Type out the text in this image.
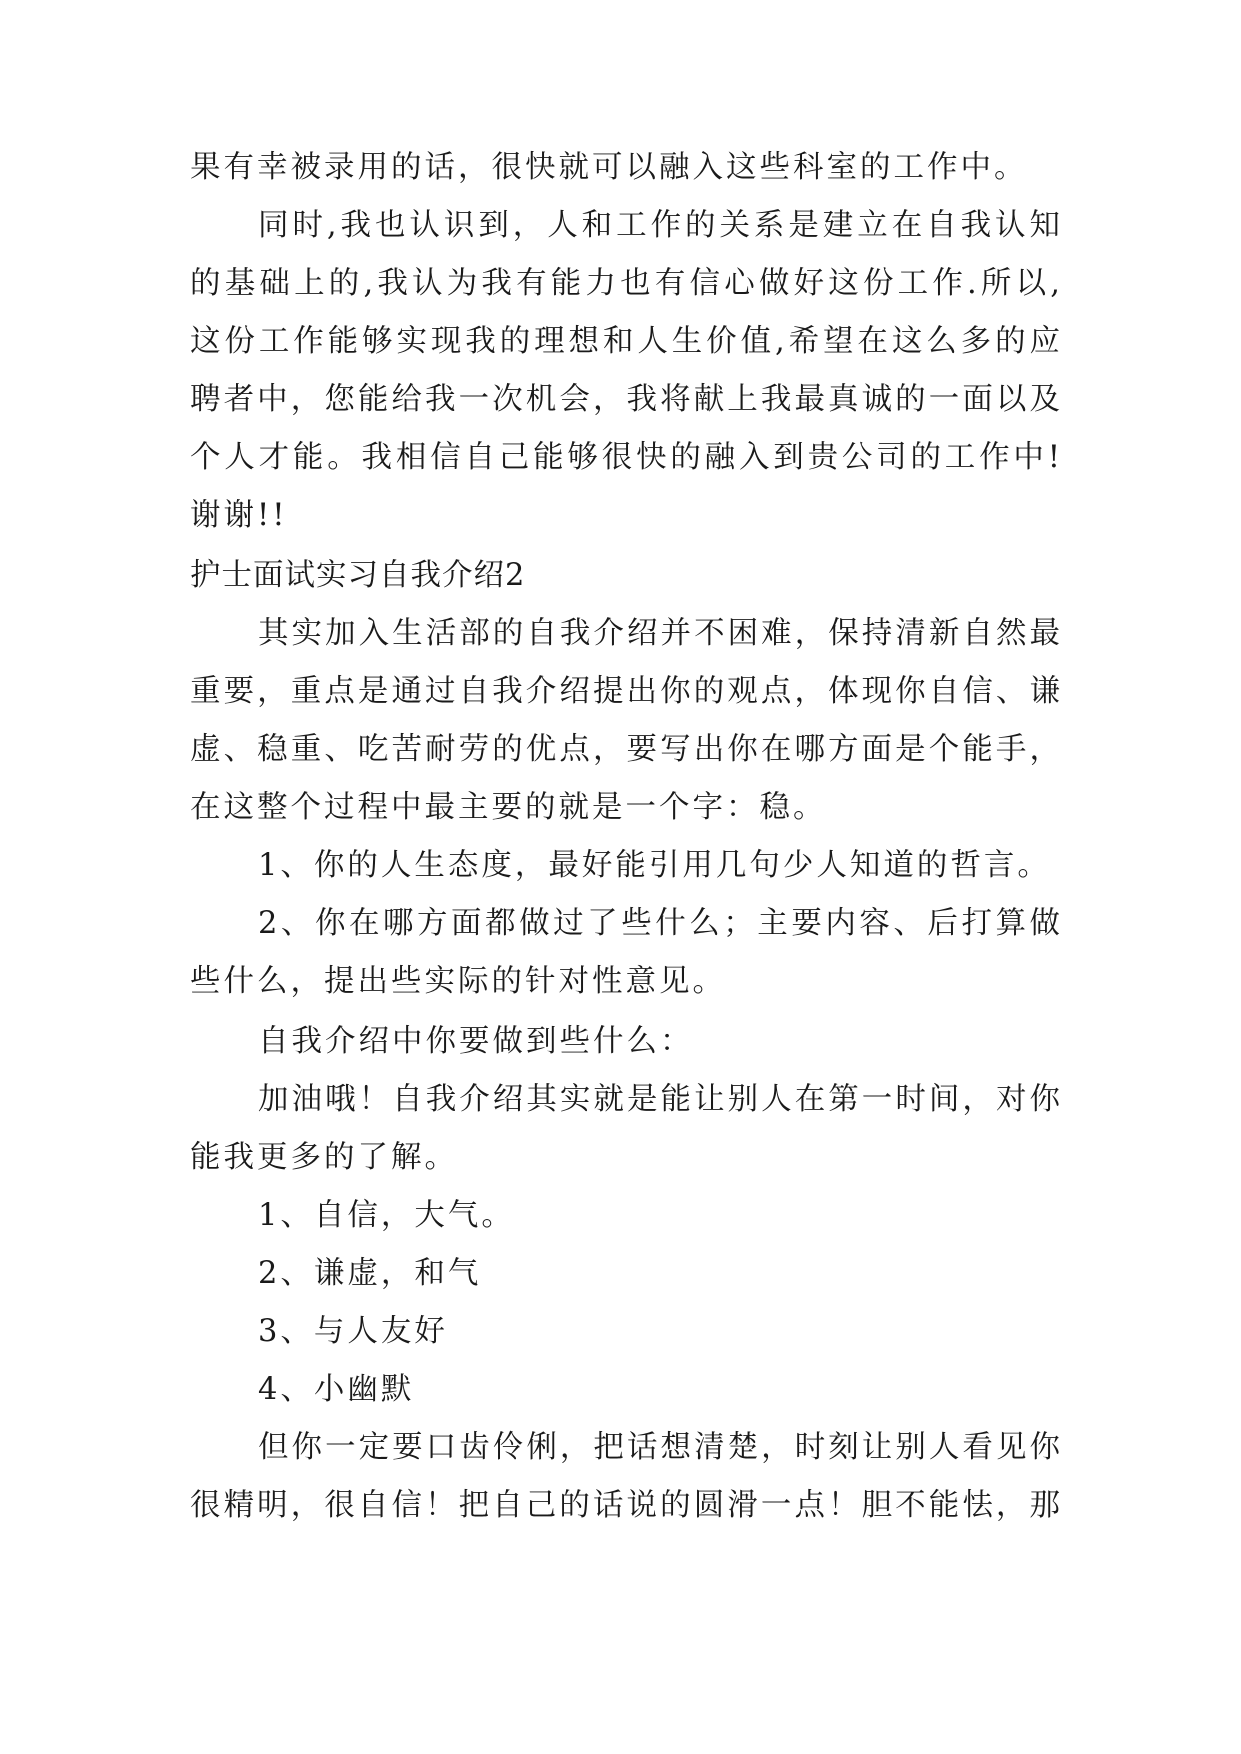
果有幸被录用的话，很快就可以融入这些科室的工作中。
同时,我也认识到，人和工作的关系是建立在自我认知
的基础上的,我认为我有能力也有信心做好这份工作.所以,
这份工作能够实现我的理想和人生价值,希望在这么多的应
聘者中，您能给我一次机会，我将献上我最真诚的一面以及
个人才能。我相信自己能够很快的融入到贵公司的工作中!
谢谢!!
护士面试实习自我介绍2
其实加入生活部的自我介绍并不困难，保持清新自然最
重要，重点是通过自我介绍提出你的观点，体现你自信、谦
虚、稳重、吃苦耐劳的优点，要写出你在哪方面是个能手，
在这整个过程中最主要的就是一个字：稳。
1、你的人生态度，最好能引用几句少人知道的哲言。
2、你在哪方面都做过了些什么；主要内容、后打算做
些什么，提出些实际的针对性意见。
自我介绍中你要做到些什么：
加油哦！自我介绍其实就是能让别人在第一时间，对你
能我更多的了解。
1、自信，大气。
2、谦虚，和气
3、与人友好
4、小幽默
但你一定要口齿伶俐，把话想清楚，时刻让别人看见你
很精明，很自信！把自己的话说的圆滑一点！胆不能怯，那
